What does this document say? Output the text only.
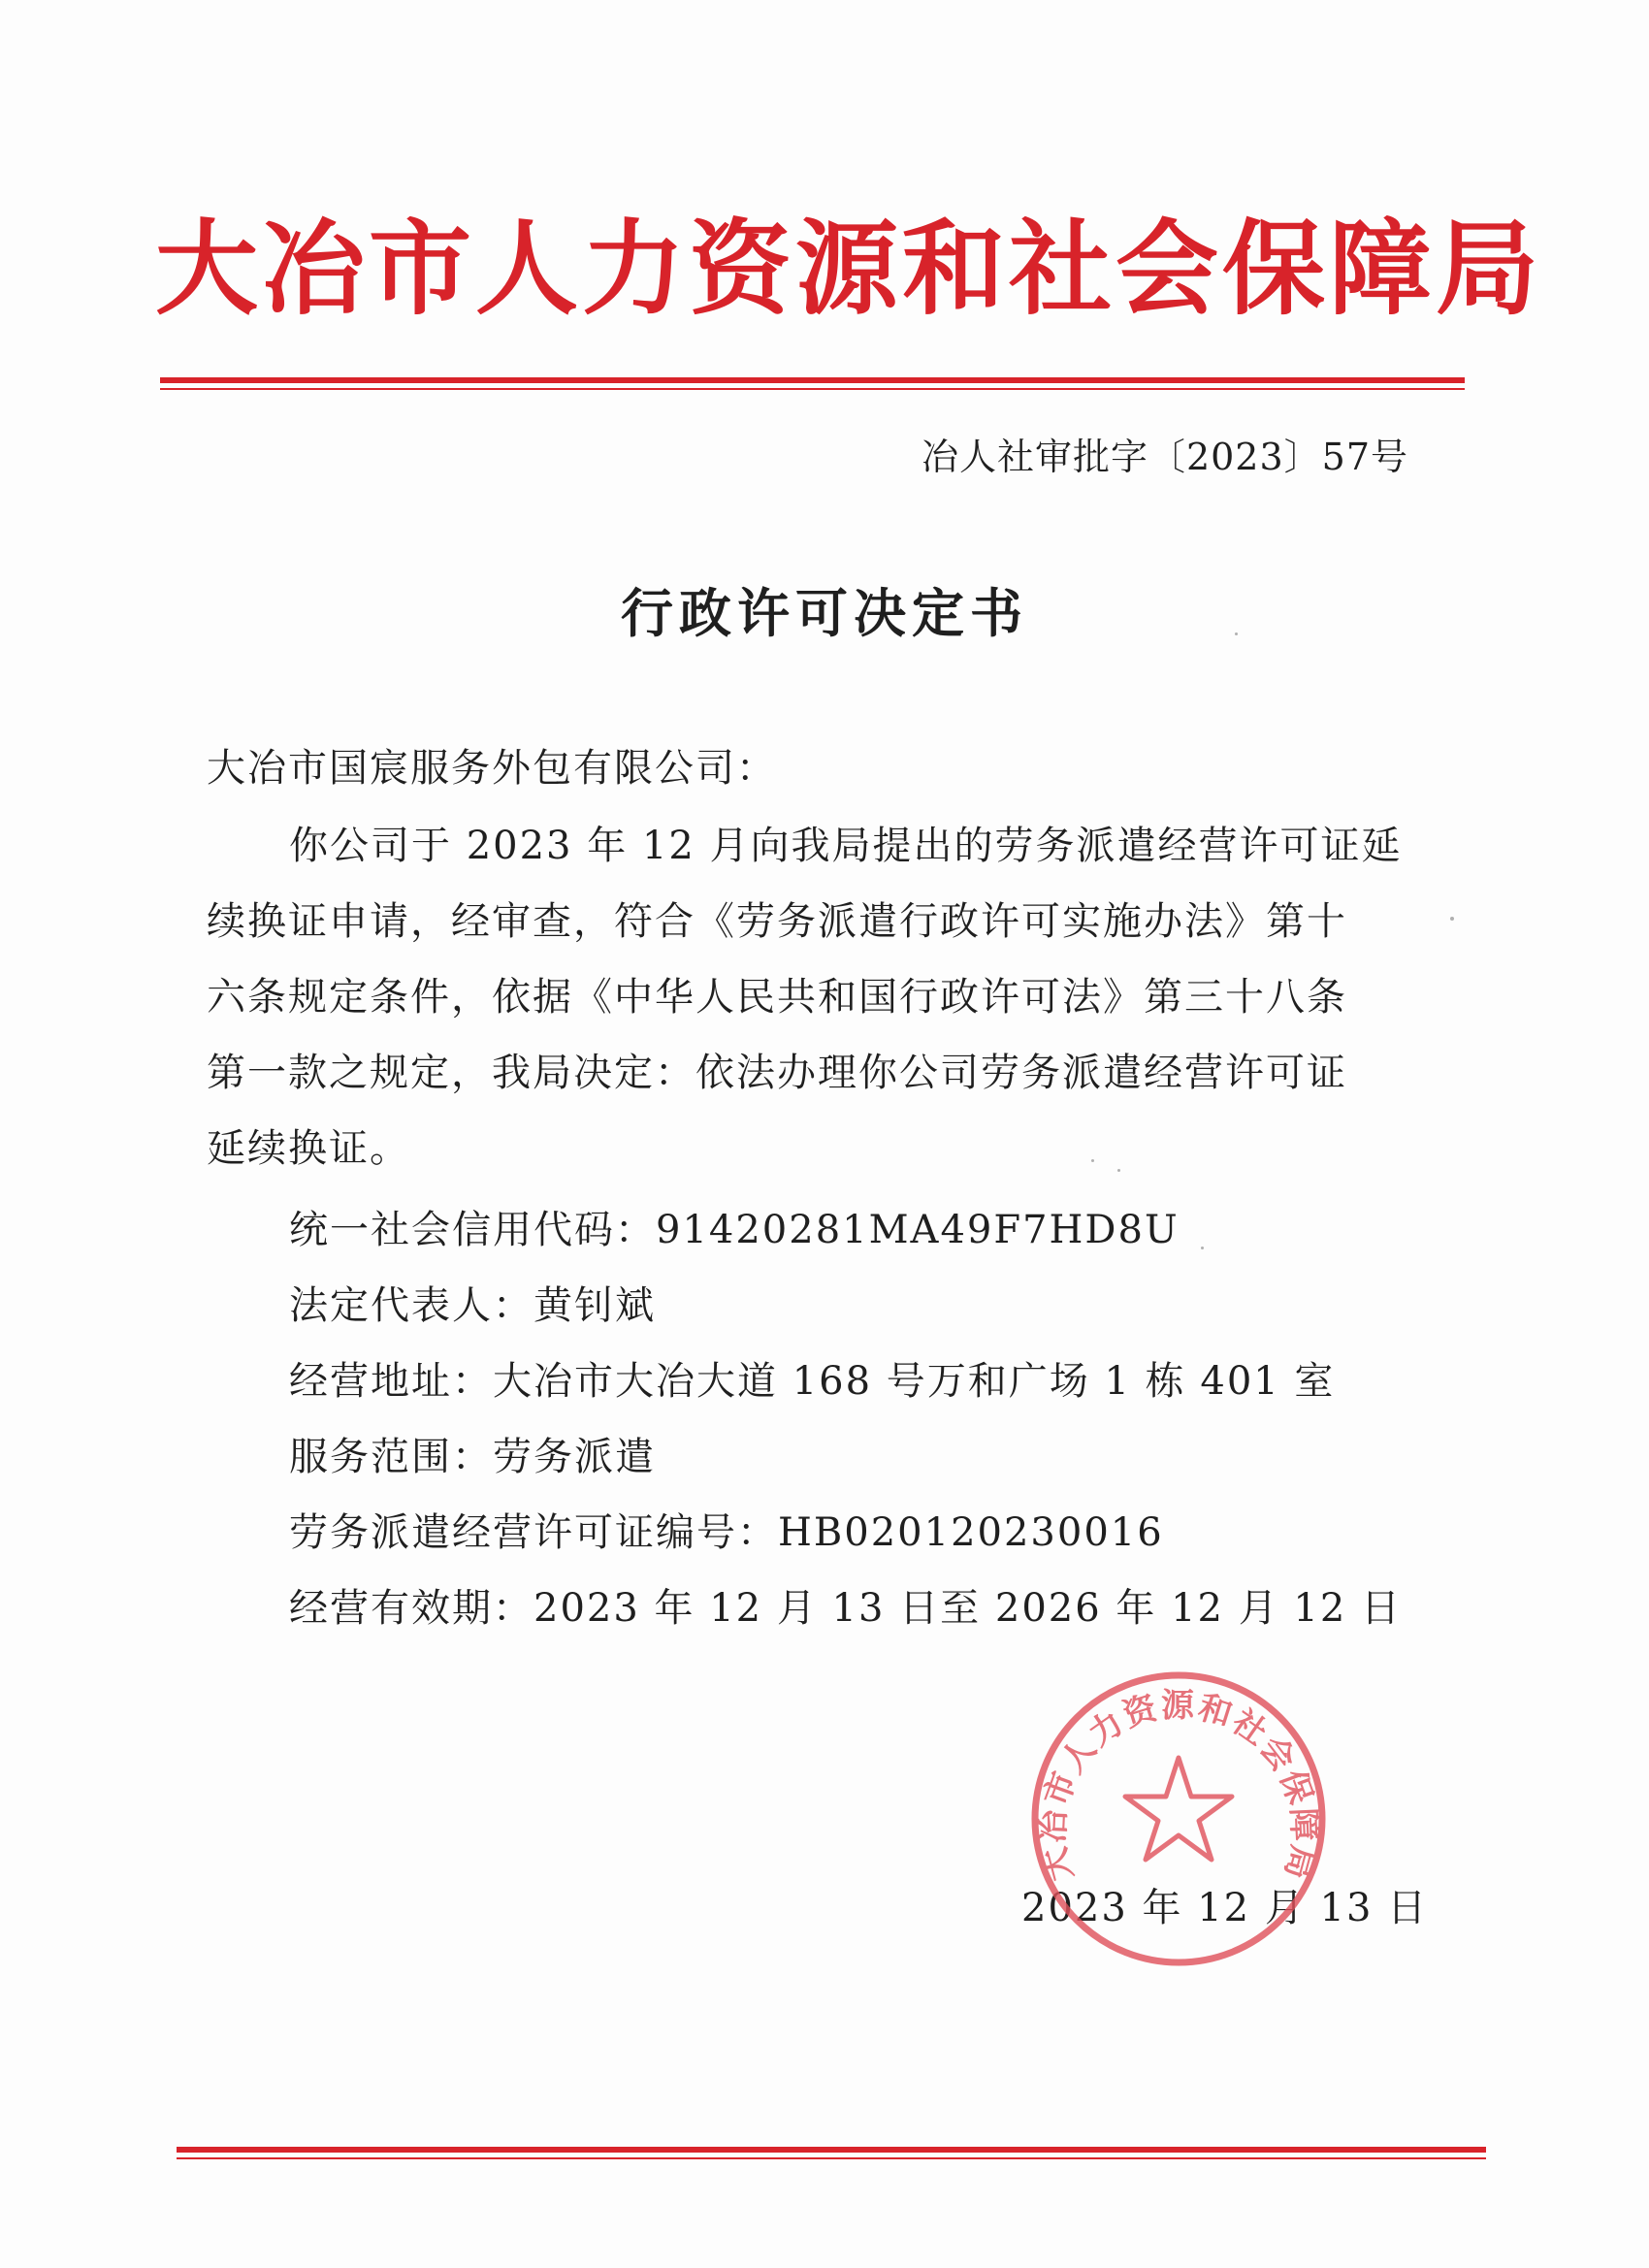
大冶市人力资源和社会保障局
冶人社审批字〔2023〕57号
行政许可决定书
大冶市国宸服务外包有限公司：
你公司于 2023 年 12 月向我局提出的劳务派遣经营许可证延
续换证申请，经审查，符合《劳务派遣行政许可实施办法》第十
六条规定条件，依据《中华人民共和国行政许可法》第三十八条
第一款之规定，我局决定：依法办理你公司劳务派遣经营许可证
延续换证。
统一社会信用代码：91420281MA49F7HD8U
法定代表人：黄钊斌
经营地址：大冶市大冶大道 168 号万和广场 1 栋 401 室
服务范围：劳务派遣
劳务派遣经营许可证编号：HB020120230016
经营有效期：2023 年 12 月 13 日至 2026 年 12 月 12 日
2023 年 12 月 13 日
大冶市人力资源和社会保障局
